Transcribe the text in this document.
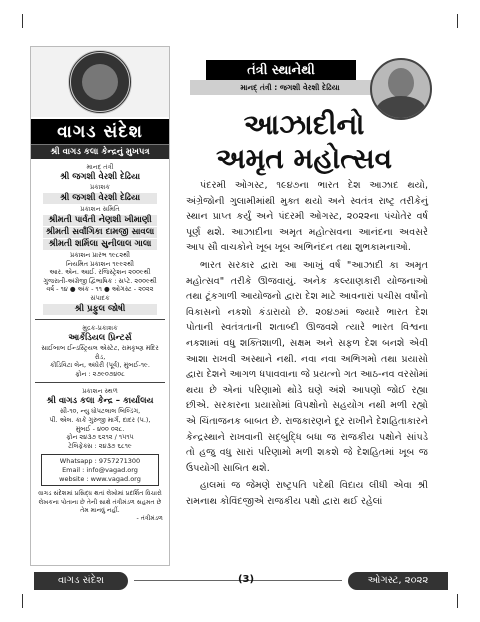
વાગડ સંદેશ
શ્રી વાગડ કલા કેન્દ્રનું મુખપત્ર
માનદ્ તંત્રી
શ્રી જગશી વેરશી દેઢિયા
પ્રકાશક
શ્રી જગશી વેરશી દેઢિયા
પ્રકાશન સમિતિ
શ્રીમતી પાર્વતી નેણશી ખીમાણી
શ્રીમતી સર્વાંગિકા દામજી સાવલા
શ્રીમતી શર્મિલા સુનીલાલ ગાલા
પ્રકાશન પ્રારંભ ૧૯૮૨થી
નિયમિત પ્રકાશન ૧૯૯૨થી
આર. એન. આઈ. રજિસ્ટ્રેશન ૨૦૦૯થી
ગુજરાતી-અંગ્રેજી દ્વિભાષિક : સપ્ટે. ૨૦૦૯થી
વર્ષ - ૧૪ ● અંક - ૧૧ ● ઓગસ્ટ - ૨૦૨૨
સંપાદક
શ્રી પ્રફુલ જોષી
મુદ્રક-પ્રકાશક
આર્કેડિયલ પ્રિન્ટર્સ
સાઈબાબ ઈન્ડસ્ટ્રિયલ એસ્ટેટ, રામકૃષ્ણ મંદિર રોડ,
કોંડિવિટા લેન, અંધેરી (પૂર્વ), મુંબઈ-૧૯.
ફોન : ૨૭૯૦૭૪૦૮
પ્રકાશન સ્થળ
શ્રી વાગડ કલા કેન્દ્ર – કાર્યાલય
સી-૧૦, ન્યુ ધોપટલાલ બિલ્ડિંગ,
પી. એલ. કાકે ગુરુજી માર્ગ, દાદર (પ.),
મુંબઈ - ૪૦૦ ૦૨૮.
ફોન ૨૪૩૭ ૬૨૧૨ / ૧૫૧૫
ટેલિફેક્સ : ૨૪૩૭ ૬૮૧૯
Whatsapp : 9757271300
Email : info@vagad.org
website : www.vagad.org
વાગડ સંદેશમાં પ્રસિદ્ધ થતાં લેખોમાં પ્રદર્શિત વિચારો લેખકના પોતાના છે તેની સાથે તંત્રીમંડળ સહમત છે તેમ માનવું નહીં.
- તંત્રીમંડળ
તંત્રી સ્થાનેથી
માનદ્ તંત્રી : જગશી વેરશી દેઢિયા
આઝાદીનો
અમૃત મહોત્સવ

પંદરમી ઓગસ્ટ, ૧૯૪૭ના ભારત દેશ આઝાદ થયો, અંગ્રેજોની ગુલામીમાંથી મુક્ત થયો અને સ્વતંત્ર રાષ્ટ્ર તરીકેનું સ્થાન પ્રાપ્ત કર્યું અને પંદરમી ઓગસ્ટ, ૨૦૨૨ના પંચોતેર વર્ષ પૂર્ણ થશે. આઝાદીના અમૃત મહોત્સવના આનંદના અવસરે આપ સૌ વાચકોને ખૂબ ખૂબ અભિનંદન તથા શુભકામનાઓ.

ભારત સરકાર દ્વારા આ આખું વર્ષ "આઝાદી કા અમૃત મહોત્સવ" તરીકે ઊજવાયું. અનેક કલ્યાણકારી યોજનાઓ તથા ટૂંકગાળી આયોજનો દ્વારા દેશ માટે આવનારાં પચીસ વર્ષોનો વિકાસનો નકશો કંડારાયો છે. ૨૦૪૭માં જ્યારે ભારત દેશ પોતાની સ્વતંત્રતાની શતાબ્દી ઊજવશે ત્યારે ભારત વિશ્વના નકશામાં વધુ શક્તિશાળી, સક્ષમ અને સફળ દેશ બનશે એવી આશા રાખવી અસ્થાને નથી. નવા નવા અભિગમો તથા પ્રયાસો દ્વારા દેશને આગળ ધપાવવાના જે પ્રયત્નો ગત આઠ-નવ વરસોમાં થયા છે એનાં પરિણામો થોડે ઘણે અંશે આપણો જોઈ રહ્યા છીએ. સરકારના પ્રયાસોમાં વિપક્ષોનો સહયોગ નથી મળી રહ્યો એ ચિંતાજનક બાબત છે. રાજકારણને દૂર રાખીને દેશહિતાકારને કેન્દ્રસ્થાને રાખવાની સદ્બુદ્ધિ બધા જ રાજકીય પક્ષોને સાંપડે તો હજુ વધુ સારાં પરિણામો મળી શકશે જે દેશહિતમાં ખૂબ જ ઉપયોગી સાબિત થશે.

હાલમાં જ જેમણે રાષ્ટ્રપતિ પદેથી વિદાય લીધી એવા શ્રી રામનાથ કોવિંદજીએ રાજકીય પક્ષો દ્વારા થઈ રહેલાં

વાગડ સંદેશ	(3)	ઓગસ્ટ, ૨૦૨૨
